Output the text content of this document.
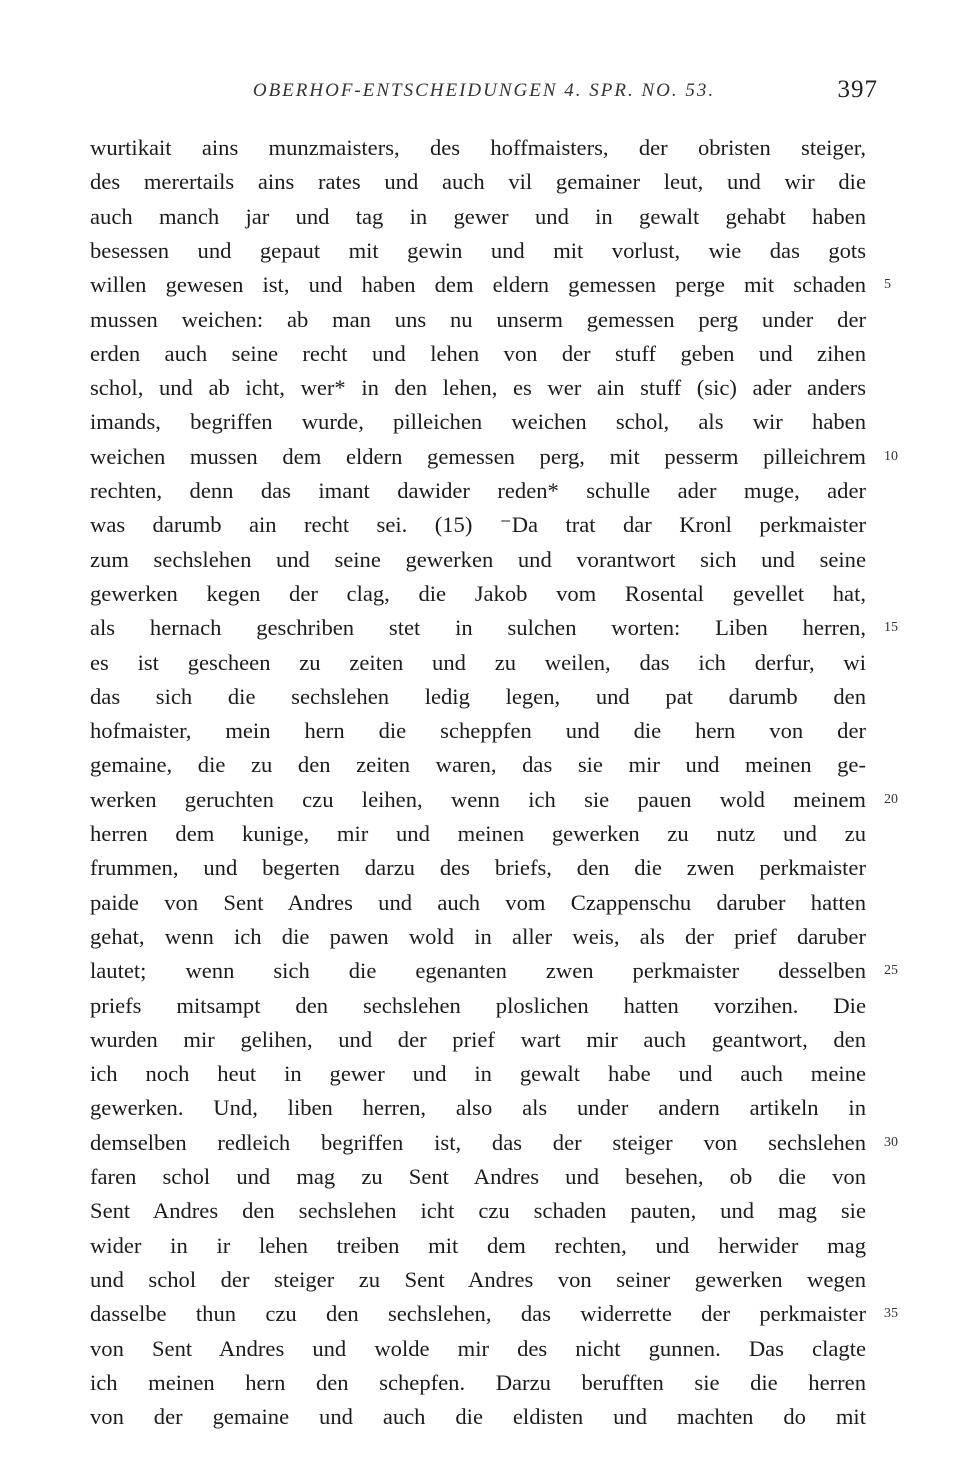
OBERHOF-ENTSCHEIDUNGEN 4. SPR. NO. 53.	397
wurtikait ains munzmaisters, des hoffmaisters, der obristen steiger,
des merertails ains rates und auch vil gemainer leut, und wir die
auch manch jar und tag in gewer und in gewalt gehabt haben
besessen und gepaut mit gewin und mit vorlust, wie das gots
willen gewesen ist, und haben dem eldern gemessen perge mit schaden
mussen weichen: ab man uns nu unserm gemessen perg under der
erden auch seine recht und lehen von der stuff geben und zihen
schol, und ab icht, wer* in den lehen, es wer ain stuff (sic) ader anders
imands, begriffen wurde, pilleichen weichen schol, als wir haben
weichen mussen dem eldern gemessen perg, mit pesserm pilleichrem
rechten, denn das imant dawider reden* schulle ader muge, ader
was darumb ain recht sei. (15) ⁻Da trat dar Kronl perkmaister
zum sechslehen und seine gewerken und vorantwort sich und seine
gewerken kegen der clag, die Jakob vom Rosental gevellet hat,
als hernach geschriben stet in sulchen worten: Liben herren,
es ist gescheen zu zeiten und zu weilen, das ich derfur, wi
das sich die sechslehen ledig legen, und pat darumb den
hofmaister, mein hern die scheppfen und die hern von der
gemaine, die zu den zeiten waren, das sie mir und meinen ge-
werken geruchten czu leihen, wenn ich sie pauen wold meinem
herren dem kunige, mir und meinen gewerken zu nutz und zu
frummen, und begerten darzu des briefs, den die zwen perkmaister
paide von Sent Andres und auch vom Czappenschu daruber hatten
gehat, wenn ich die pawen wold in aller weis, als der prief daruber
lautet; wenn sich die egenanten zwen perkmaister desselben
priefs mitsampt den sechslehen ploslichen hatten vorzihen. Die
wurden mir gelihen, und der prief wart mir auch geantwort, den
ich noch heut in gewer und in gewalt habe und auch meine
gewerken. Und, liben herren, also als under andern artikeln in
demselben redleich begriffen ist, das der steiger von sechslehen
faren schol und mag zu Sent Andres und besehen, ob die von
Sent Andres den sechslehen icht czu schaden pauten, und mag sie
wider in ir lehen treiben mit dem rechten, und herwider mag
und schol der steiger zu Sent Andres von seiner gewerken wegen
dasselbe thun czu den sechslehen, das widerrette der perkmaister
von Sent Andres und wolde mir des nicht gunnen. Das clagte
ich meinen hern den schepfen. Darzu berufften sie die herren
von der gemaine und auch die eldisten und machten do mit
5
10
15
20
25
30
35
